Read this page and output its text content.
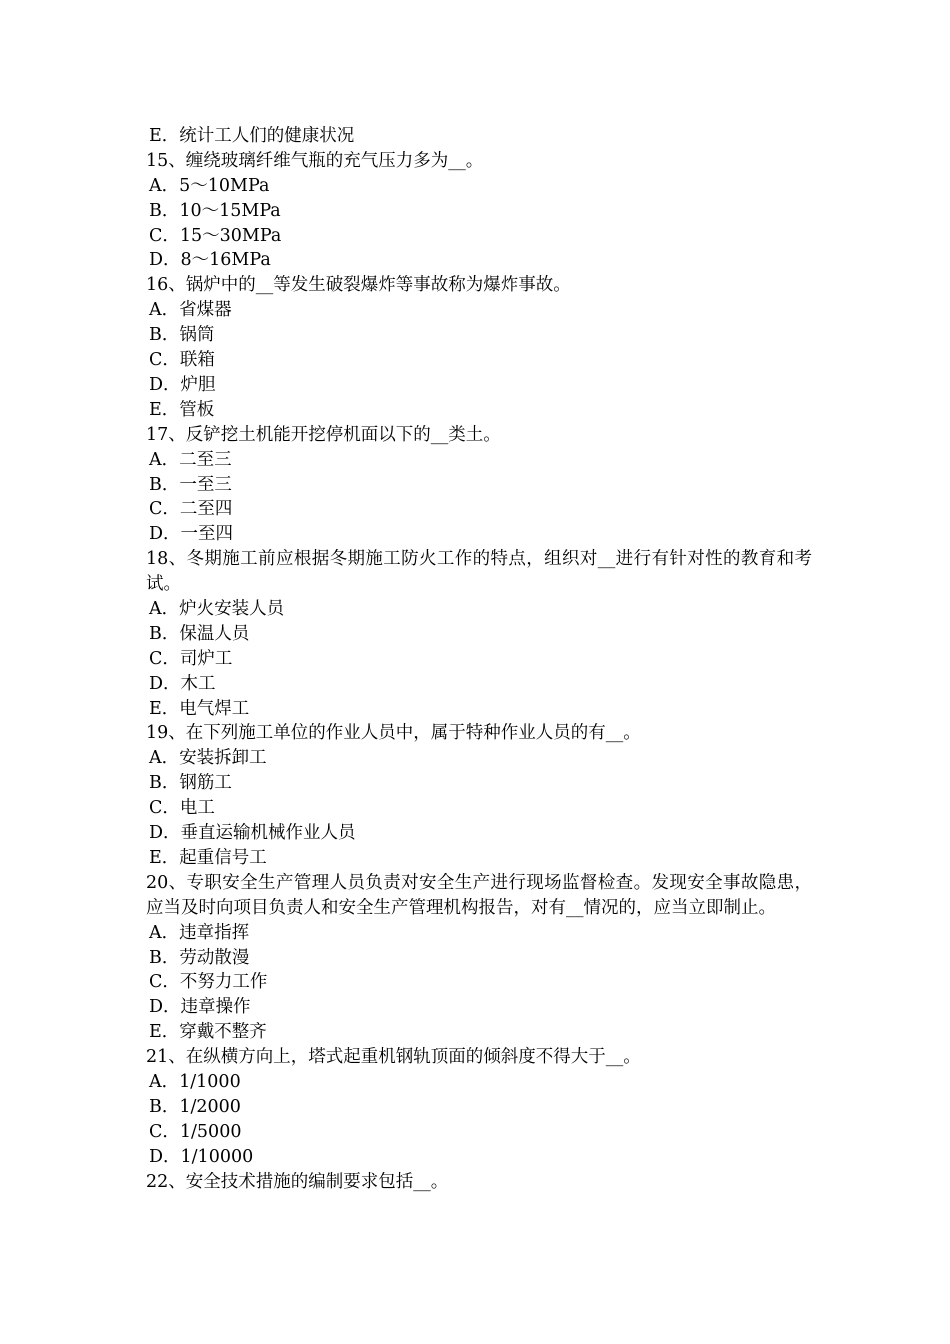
E．统计工人们的健康状况
15、缠绕玻璃纤维气瓶的充气压力多为__。
A．5～10MPa
B．10～15MPa
C．15～30MPa
D．8～16MPa
16、锅炉中的__等发生破裂爆炸等事故称为爆炸事故。
A．省煤器
B．锅筒
C．联箱
D．炉胆
E．管板
17、反铲挖土机能开挖停机面以下的__类土。
A．二至三
B．一至三
C．二至四
D．一至四
18、冬期施工前应根据冬期施工防火工作的特点，组织对__进行有针对性的教育和考试。
A．炉火安装人员
B．保温人员
C．司炉工
D．木工
E．电气焊工
19、在下列施工单位的作业人员中，属于特种作业人员的有__。
A．安装拆卸工
B．钢筋工
C．电工
D．垂直运输机械作业人员
E．起重信号工
20、专职安全生产管理人员负责对安全生产进行现场监督检查。发现安全事故隐患，应当及时向项目负责人和安全生产管理机构报告，对有__情况的，应当立即制止。
A．违章指挥
B．劳动散漫
C．不努力工作
D．违章操作
E．穿戴不整齐
21、在纵横方向上，塔式起重机钢轨顶面的倾斜度不得大于__。
A．1/1000
B．1/2000
C．1/5000
D．1/10000
22、安全技术措施的编制要求包括__。
